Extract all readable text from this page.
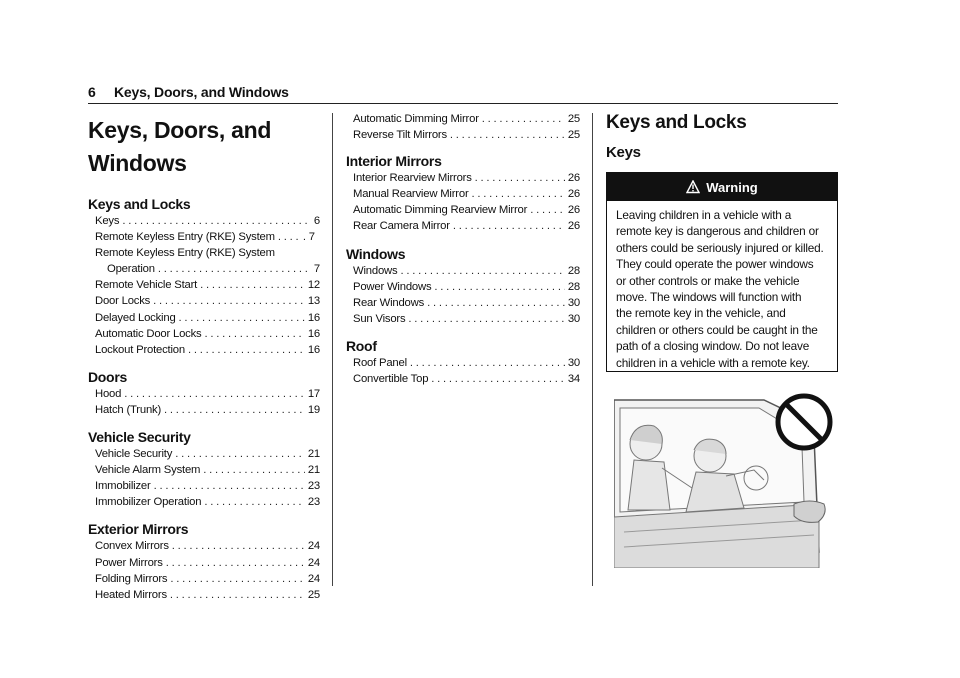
6 Keys, Doors, and Windows
Keys, Doors, and
Windows
Keys and Locks
Keys . . .	6
Remote Keyless Entry (RKE) System . . . . 7
Remote Keyless Entry (RKE) System
Operation . . .	7
Remote Vehicle Start . . .	12
Door Locks . . .	13
Delayed Locking . . .	16
Automatic Door Locks . . .	16
Lockout Protection . . .	16
Doors
Hood . . .	17
Hatch (Trunk) . . .	19
Vehicle Security
Vehicle Security . . .	21
Vehicle Alarm System . . .	21
Immobilizer . . .	23
Immobilizer Operation . . .	23
Exterior Mirrors
Convex Mirrors . . .	24
Power Mirrors . . .	24
Folding Mirrors . . .	24
Heated Mirrors . . .	25
Automatic Dimming Mirror . . .	25
Reverse Tilt Mirrors . . .	25
Interior Mirrors
Interior Rearview Mirrors . . .	26
Manual Rearview Mirror . . .	26
Automatic Dimming Rearview Mirror . . .	26
Rear Camera Mirror . . .	26
Windows
Windows . . .	28
Power Windows . . .	28
Rear Windows . . .	30
Sun Visors . . .	30
Roof
Roof Panel . . .	30
Convertible Top . . .	34
Keys and Locks
Keys
Warning
Leaving children in a vehicle with a
remote key is dangerous and children or
others could be seriously injured or killed.
They could operate the power windows
or other controls or make the vehicle
move. The windows will function with
the remote key in the vehicle, and
children or others could be caught in the
path of a closing window. Do not leave
children in a vehicle with a remote key.
